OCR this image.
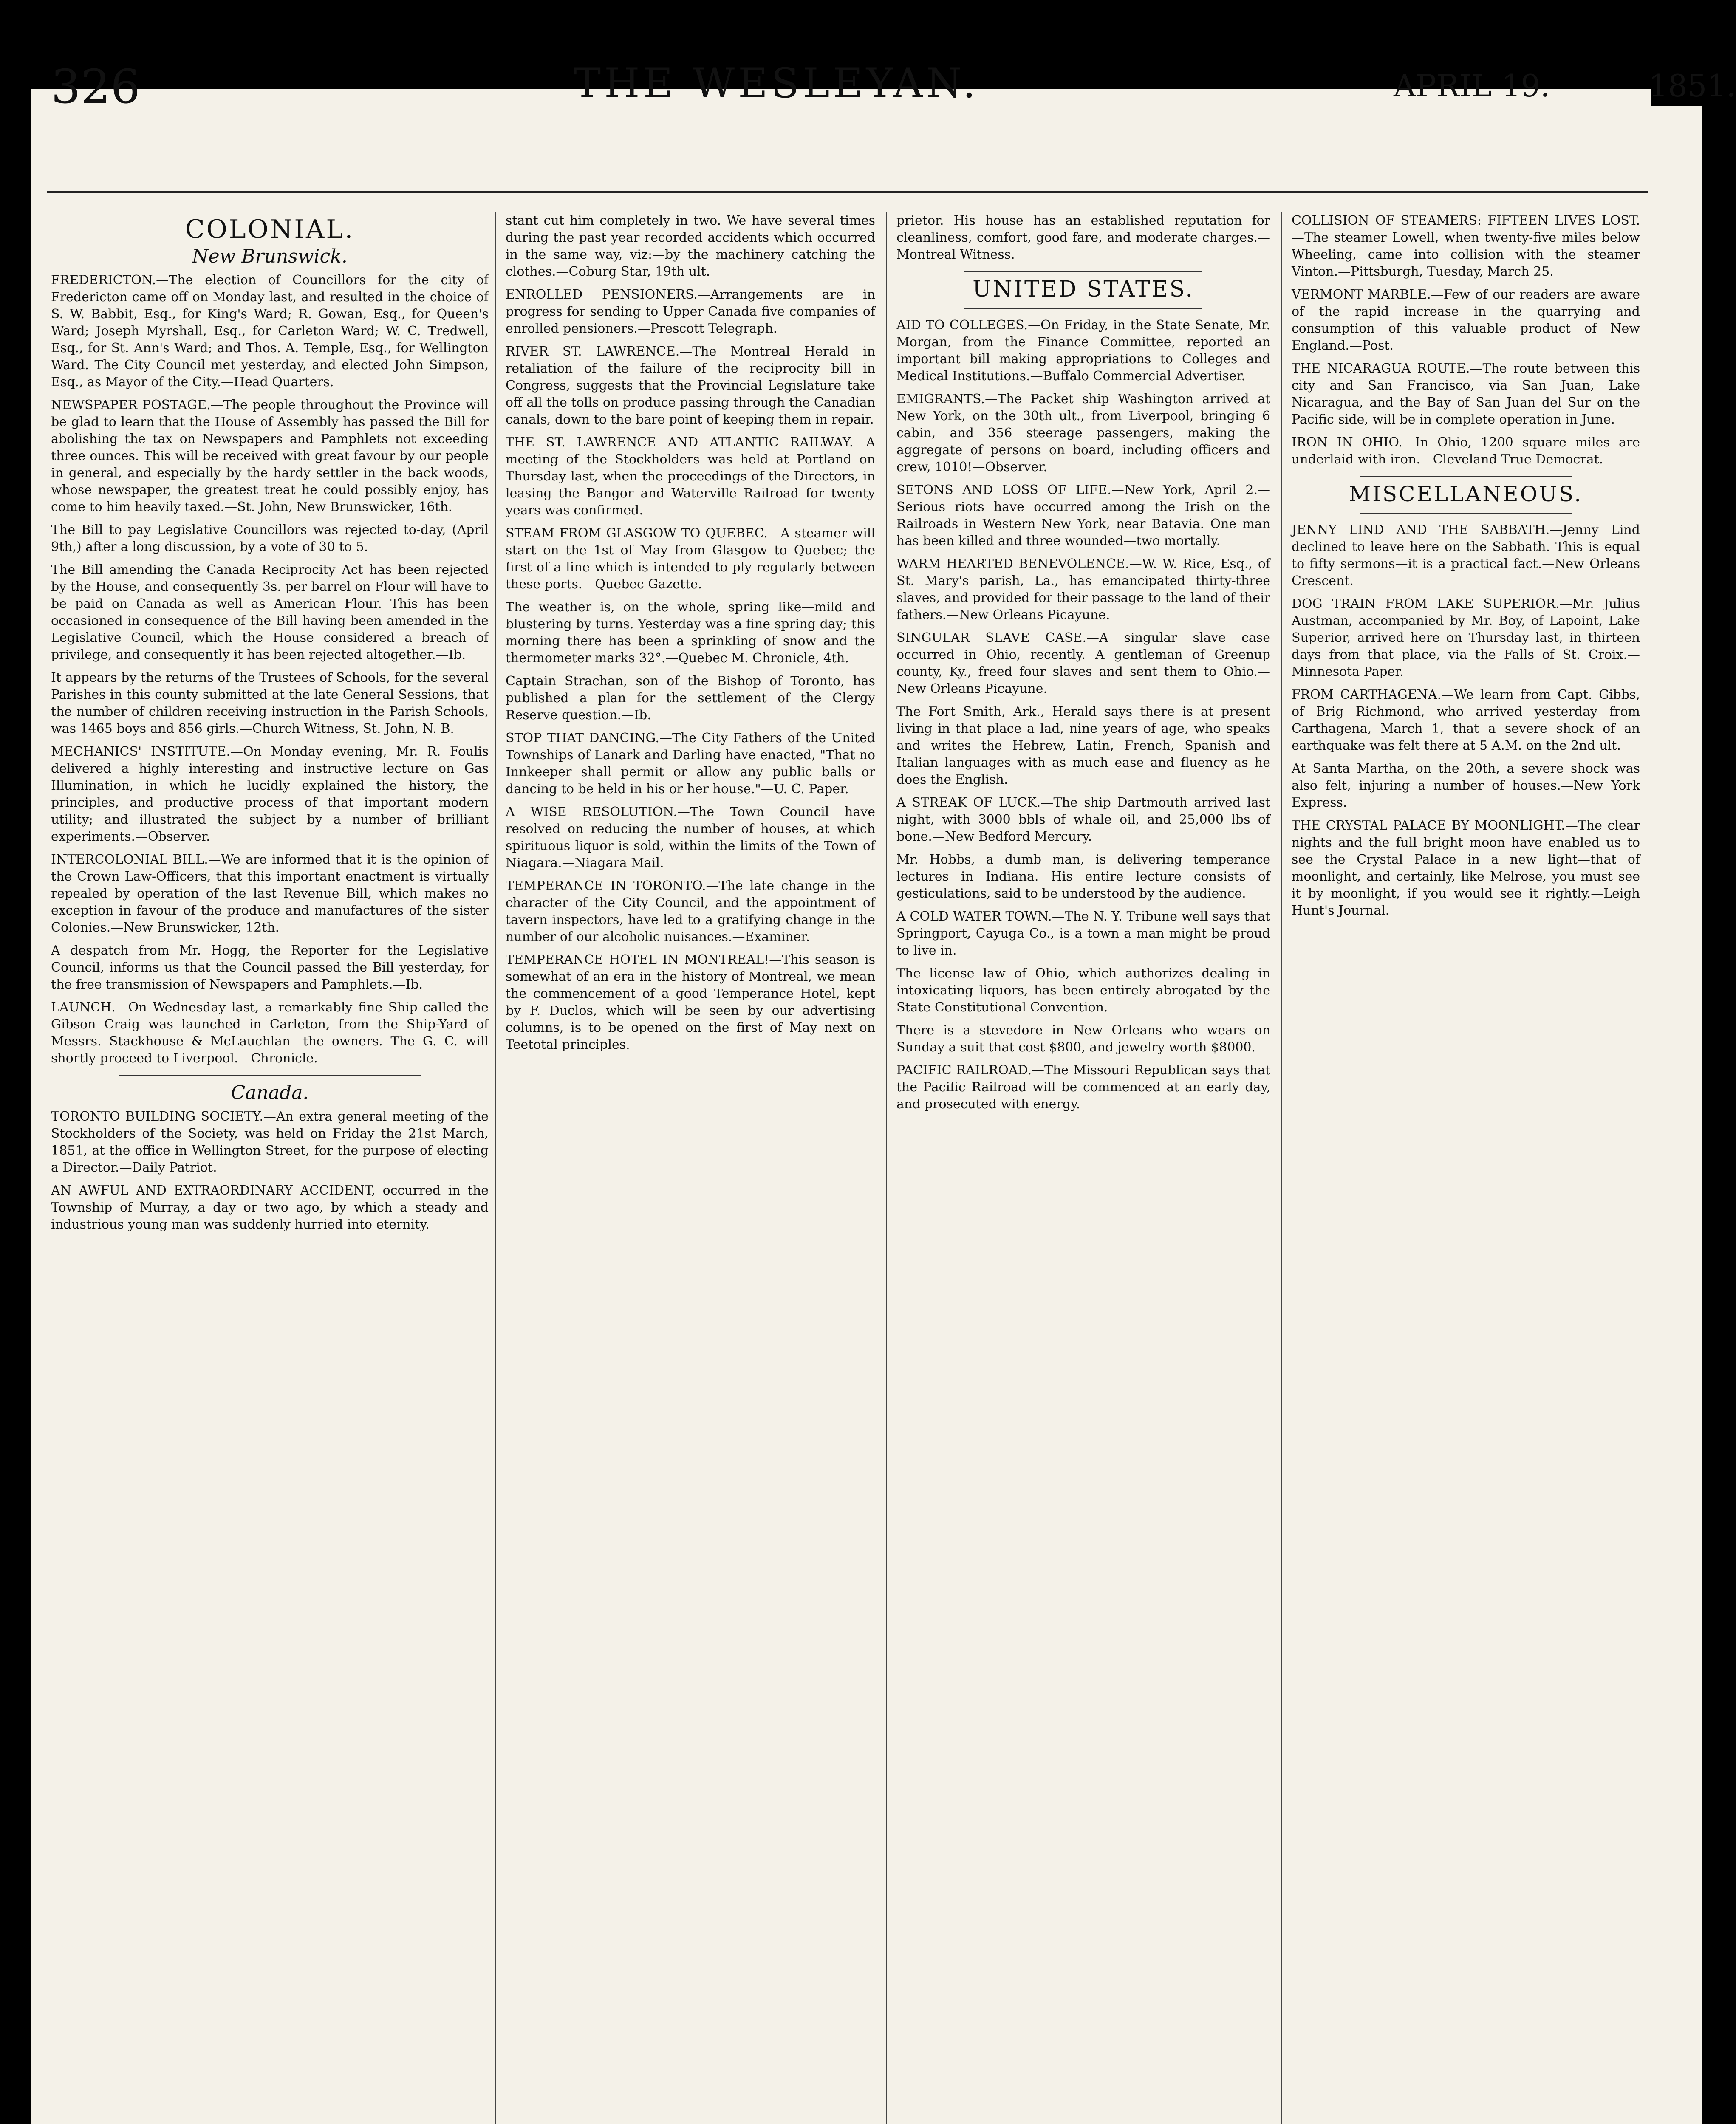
326	THE WESLEYAN.	APRIL 19.	1851.
COLONIAL.
New Brunswick.

FREDERICTON.—The election of Councillors for the city of Fredericton came off on Monday last, and resulted in the choice of S. W. Babbit, Esq., for King's Ward; R. Gowan, Esq., for Queen's Ward; Joseph Myrshall, Esq., for Carleton Ward; W. C. Tredwell, Esq., for St. Ann's Ward; and Thos. A. Temple, Esq., for Wellington Ward. The City Council met yesterday, and elected John Simpson, Esq., as Mayor of the City.—Head Quarters.

NEWSPAPER POSTAGE.—The people throughout the Province will be glad to learn that the House of Assembly has passed the Bill for abolishing the tax on Newspapers and Pamphlets not exceeding three ounces. This will be received with great favour by our people in general, and especially by the hardy settler in the back woods, whose newspaper, the greatest treat he could possibly enjoy, has come to him heavily taxed.—St. John, New Brunswicker, 16th.

The Bill to pay Legislative Councillors was rejected to-day, (April 9th,) after a long discussion, by a vote of 30 to 5.

The Bill amending the Canada Reciprocity Act has been rejected by the House, and consequently 3s. per barrel on Flour will have to be paid on Canada as well as American Flour. This has been occasioned in consequence of the Bill having been amended in the Legislative Council, which the House considered a breach of privilege, and consequently it has been rejected altogether.—Ib.

It appears by the returns of the Trustees of Schools, for the several Parishes in this county submitted at the late General Sessions, that the number of children receiving instruction in the Parish Schools, was 1465 boys and 856 girls.—Church Witness, St. John, N. B.

MECHANICS' INSTITUTE.—On Monday evening, Mr. R. Foulis delivered a highly interesting and instructive lecture on Gas Illumination, in which he lucidly explained the history, the principles, and productive process of that important modern utility; and illustrated the subject by a number of brilliant experiments.—Observer.

INTERCOLONIAL BILL.—We are informed that it is the opinion of the Crown Law-Officers, that this important enactment is virtually repealed by operation of the last Revenue Bill, which makes no exception in favour of the produce and manufactures of the sister Colonies.—New Brunswicker, 12th.

A despatch from Mr. Hogg, the Reporter for the Legislative Council, informs us that the Council passed the Bill yesterday, for the free transmission of Newspapers and Pamphlets.—Ib.

LAUNCH.—On Wednesday last, a remarkably fine Ship called the Gibson Craig was launched in Carleton, from the Ship-Yard of Messrs. Stackhouse & McLauchlan—the owners. The G. C. will shortly proceed to Liverpool.—Chronicle.

Canada.

TORONTO BUILDING SOCIETY.—An extra general meeting of the Stockholders of the Society, was held on Friday the 21st March, 1851, at the office in Wellington Street, for the purpose of electing a Director.—Daily Patriot.

AN AWFUL AND EXTRAORDINARY ACCIDENT, occurred in the Township of Murray, a day or two ago, by which a steady and industrious young man was suddenly hurried into eternity.

stant cut him completely in two. We have several times during the past year recorded accidents which occurred in the same way, viz:—by the machinery catching the clothes.—Coburg Star, 19th ult.

ENROLLED PENSIONERS.—Arrangements are in progress for sending to Upper Canada five companies of enrolled pensioners.—Prescott Telegraph.

RIVER ST. LAWRENCE.—The Montreal Herald in retaliation of the failure of the reciprocity bill in Congress, suggests that the Provincial Legislature take off all the tolls on produce passing through the Canadian canals, down to the bare point of keeping them in repair.

THE ST. LAWRENCE AND ATLANTIC RAILWAY.—A meeting of the Stockholders was held at Portland on Thursday last, when the proceedings of the Directors, in leasing the Bangor and Waterville Railroad for twenty years was confirmed.

STEAM FROM GLASGOW TO QUEBEC.—A steamer will start on the 1st of May from Glasgow to Quebec; the first of a line which is intended to ply regularly between these ports.—Quebec Gazette.

The weather is, on the whole, spring like—mild and blustering by turns. Yesterday was a fine spring day; this morning there has been a sprinkling of snow and the thermometer marks 32°.—Quebec M. Chronicle, 4th.

Captain Strachan, son of the Bishop of Toronto, has published a plan for the settlement of the Clergy Reserve question.—Ib.

STOP THAT DANCING.—The City Fathers of the United Townships of Lanark and Darling have enacted, "That no Innkeeper shall permit or allow any public balls or dancing to be held in his or her house."—U. C. Paper.

A WISE RESOLUTION.—The Town Council have resolved on reducing the number of houses, at which spirituous liquor is sold, within the limits of the Town of Niagara.—Niagara Mail.

TEMPERANCE IN TORONTO.—The late change in the character of the City Council, and the appointment of tavern inspectors, have led to a gratifying change in the number of our alcoholic nuisances.—Examiner.

TEMPERANCE HOTEL IN MONTREAL!—This season is somewhat of an era in the history of Montreal, we mean the commencement of a good Temperance Hotel, kept by F. Duclos, which will be seen by our advertising columns, is to be opened on the first of May next on Teetotal principles.

prietor. His house has an established reputation for cleanliness, comfort, good fare, and moderate charges.—Montreal Witness.

UNITED STATES.

AID TO COLLEGES.—On Friday, in the State Senate, Mr. Morgan, from the Finance Committee, reported an important bill making appropriations to Colleges and Medical Institutions.—Buffalo Commercial Advertiser.

EMIGRANTS.—The Packet ship Washington arrived at New York, on the 30th ult., from Liverpool, bringing 6 cabin, and 356 steerage passengers, making the aggregate of persons on board, including officers and crew, 1010!—Observer.

SETONS AND LOSS OF LIFE.—New York, April 2.—Serious riots have occurred among the Irish on the Railroads in Western New York, near Batavia. One man has been killed and three wounded—two mortally.

WARM HEARTED BENEVOLENCE.—W. W. Rice, Esq., of St. Mary's parish, La., has emancipated thirty-three slaves, and provided for their passage to the land of their fathers.—New Orleans Picayune.

SINGULAR SLAVE CASE.—A singular slave case occurred in Ohio, recently. A gentleman of Greenup county, Ky., freed four slaves and sent them to Ohio.—New Orleans Picayune.

The Fort Smith, Ark., Herald says there is at present living in that place a lad, nine years of age, who speaks and writes the Hebrew, Latin, French, Spanish and Italian languages with as much ease and fluency as he does the English.

A STREAK OF LUCK.—The ship Dartmouth arrived last night, with 3000 bbls of whale oil, and 25,000 lbs of bone.—New Bedford Mercury.

Mr. Hobbs, a dumb man, is delivering temperance lectures in Indiana. His entire lecture consists of gesticulations, said to be understood by the audience.

A COLD WATER TOWN.—The N. Y. Tribune well says that Springport, Cayuga Co., is a town a man might be proud to live in.

The license law of Ohio, which authorizes dealing in intoxicating liquors, has been entirely abrogated by the State Constitutional Convention.

There is a stevedore in New Orleans who wears on Sunday a suit that cost $800, and jewelry worth $8000.

PACIFIC RAILROAD.—The Missouri Republican says that the Pacific Railroad will be commenced at an early day, and prosecuted with energy.

COLLISION OF STEAMERS: FIFTEEN LIVES LOST.—The steamer Lowell, when twenty-five miles below Wheeling, came into collision with the steamer Vinton.—Pittsburgh, Tuesday, March 25.

VERMONT MARBLE.—Few of our readers are aware of the rapid increase in the quarrying and consumption of this valuable product of New England.—Post.

THE NICARAGUA ROUTE.—The route between this city and San Francisco, via San Juan, Lake Nicaragua, and the Bay of San Juan del Sur on the Pacific side, will be in complete operation in June.

IRON IN OHIO.—In Ohio, 1200 square miles are underlaid with iron.—Cleveland True Democrat.

MISCELLANEOUS.

JENNY LIND AND THE SABBATH.—Jenny Lind declined to leave here on the Sabbath. This is equal to fifty sermons—it is a practical fact.—New Orleans Crescent.

DOG TRAIN FROM LAKE SUPERIOR.—Mr. Julius Austman, accompanied by Mr. Boy, of Lapoint, Lake Superior, arrived here on Thursday last, in thirteen days from that place, via the Falls of St. Croix.—Minnesota Paper.

FROM CARTHAGENA.—We learn from Capt. Gibbs, of Brig Richmond, who arrived yesterday from Carthagena, March 1, that a severe shock of an earthquake was felt there at 5 A.M. on the 2nd ult.

At Santa Martha, on the 20th, a severe shock was also felt, injuring a number of houses.—New York Express.

THE CRYSTAL PALACE BY MOONLIGHT.—The clear nights and the full bright moon have enabled us to see the Crystal Palace in a new light—that of moonlight, and certainly, like Melrose, you must see it by moonlight, if you would see it rightly.—Leigh Hunt's Journal.
